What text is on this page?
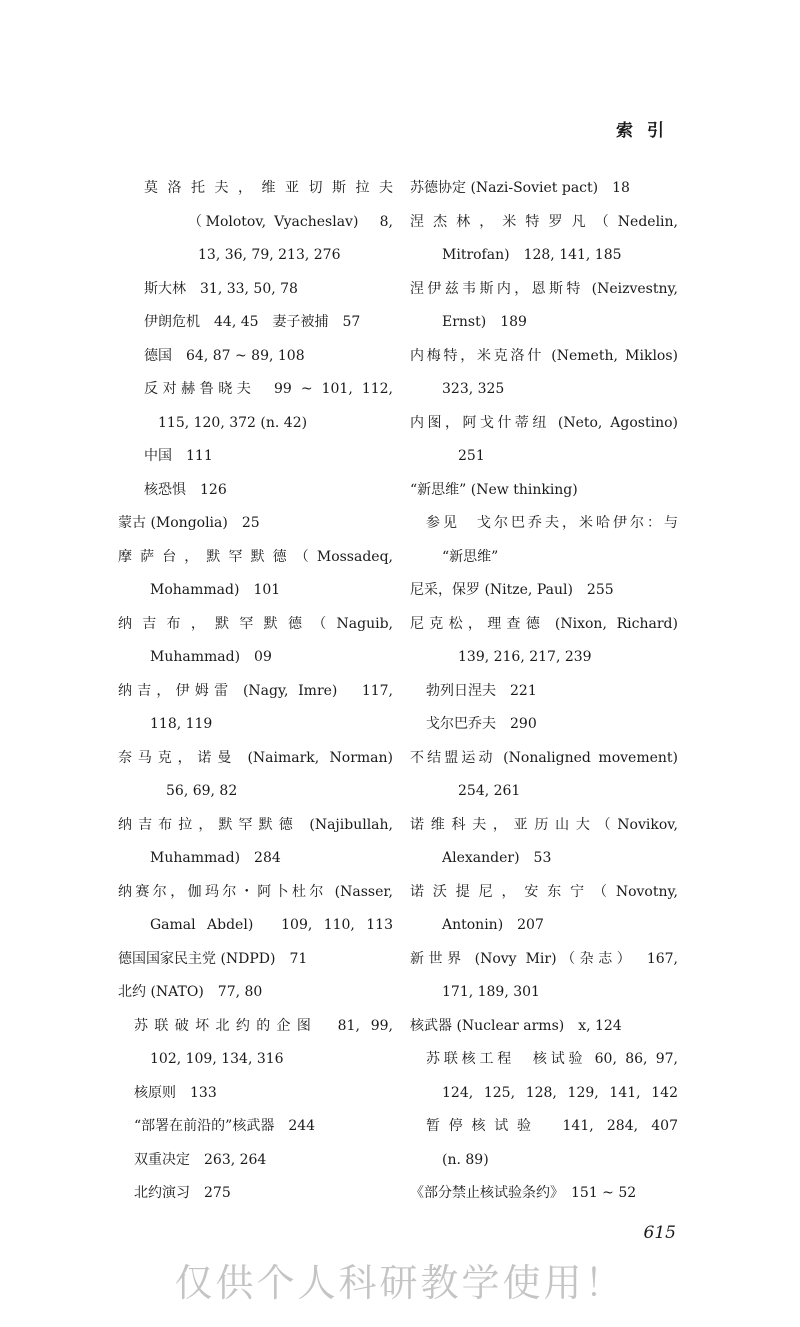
索引
莫洛托夫，维亚切斯拉夫
（Molotov, Vyacheslav)　8,
13, 36, 79, 213, 276
斯大林　31, 33, 50, 78
伊朗危机　44, 45　妻子被捕　57
德国　64, 87 ~ 89, 108
反对赫鲁晓夫　99 ~ 101, 112,
115, 120, 372 (n. 42)
中国　111
核恐惧　126
蒙古 (Mongolia)　25
摩萨台，默罕默德（Mossadeq,
Mohammad)　101
纳吉布，默罕默德（Naguib,
Muhammad)　09
纳吉，伊姆雷 (Nagy, Imre)　117,
118, 119
奈马克，诺曼 (Naimark, Norman)
56, 69, 82
纳吉布拉，默罕默德 (Najibullah,
Muhammad)　284
纳赛尔，伽玛尔・阿卜杜尔 (Nasser,
Gamal Abdel)　109, 110, 113
德国国家民主党 (NDPD)　71
北约 (NATO)　77, 80
苏联破坏北约的企图　81, 99,
102, 109, 134, 316
核原则　133
“部署在前沿的”核武器　244
双重决定　263, 264
北约演习　275
苏德协定 (Nazi-Soviet pact)　18
涅杰林，米特罗凡（Nedelin,
Mitrofan)　128, 141, 185
涅伊兹韦斯内，恩斯特 (Neizvestny,
Ernst)　189
内梅特，米克洛什 (Nemeth, Miklos)
323, 325
内图，阿戈什蒂纽 (Neto, Agostino)
251
“新思维” (New thinking)
参见　戈尔巴乔夫，米哈伊尔：与
“新思维”
尼采，保罗 (Nitze, Paul)　255
尼克松，理查德 (Nixon, Richard)
139, 216, 217, 239
勃列日涅夫　221
戈尔巴乔夫　290
不结盟运动 (Nonaligned movement)
254, 261
诺维科夫，亚历山大（Novikov,
Alexander)　53
诺沃提尼，安东宁（Novotny,
Antonin)　207
新世界 (Novy Mir)（杂志）　167,
171, 189, 301
核武器 (Nuclear arms)　x, 124
苏联核工程　核试验 60, 86, 97,
124, 125, 128, 129, 141, 142
暂停核试验　141, 284, 407
(n. 89)
《部分禁止核试验条约》　151 ~ 52
615
仅供个人科研教学使用！
